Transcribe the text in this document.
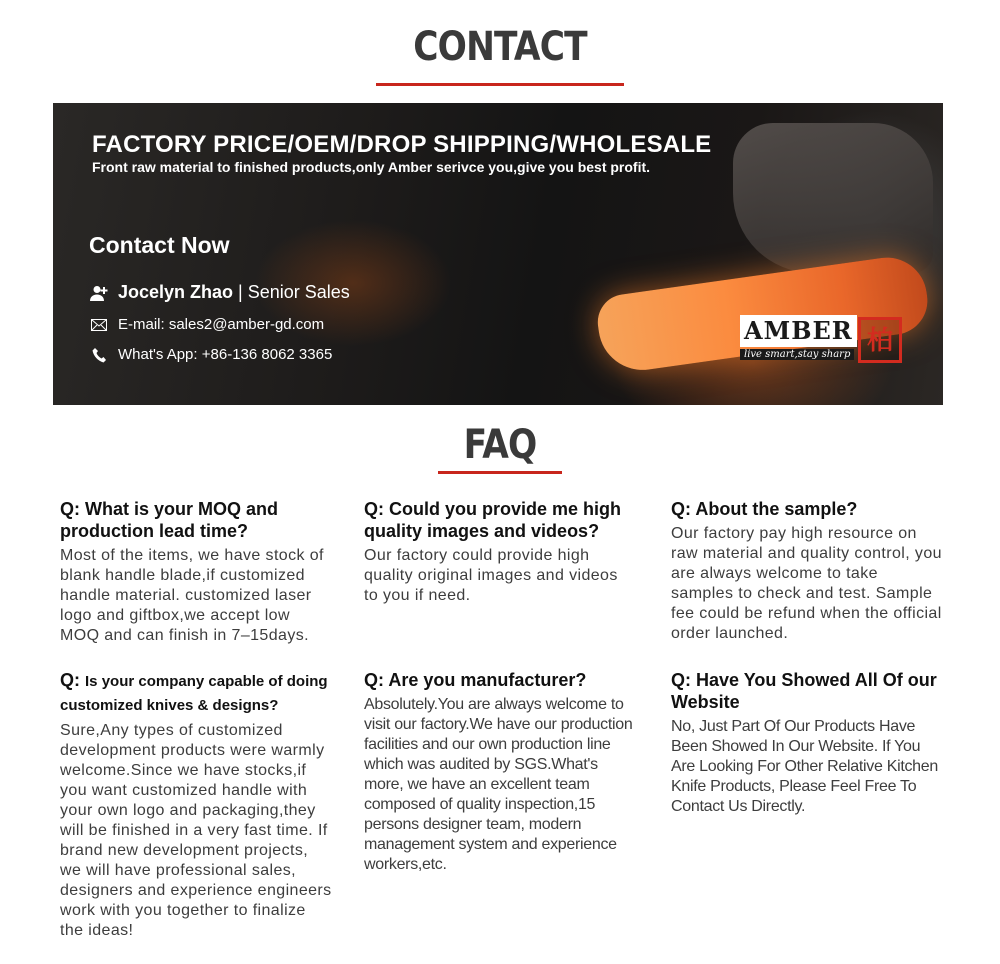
CONTACT
FACTORY PRICE/OEM/DROP SHIPPING/WHOLESALE
Front raw material to finished products,only Amber serivce you,give you best profit.
Contact Now
Jocelyn Zhao | Senior Sales
E-mail:
sales2@amber-gd.com
What's App:
+86-136 8062 3365
AMBER
live smart,stay sharp 柏
FAQ

Q: What is your MOQ and production lead time?

Most of the items, we have stock of blank handle blade,if customized handle material. customized laser logo and giftbox,we accept low MOQ and can finish in 7–15days.

Q: Could you provide me high quality images and videos?

Our factory could provide high quality original images and videos to you if need.

Q: About the sample?

Our factory pay high resource on raw material and quality control, you are always welcome to take samples to check and test. Sample fee could be refund when the official order launched.

Q: Is your company capable of doing customized knives & designs?

Sure,Any types of customized development products were warmly welcome.Since we have stocks,if you want customized handle with your own logo and packaging,they will be finished in a very fast time. If brand new development projects, we will have professional sales, designers and experience engineers work with you together to finalize the ideas!

Q: Are you manufacturer?

Absolutely.You are always welcome to visit our factory.We have our production facilities and our own production line which was audited by SGS.What's more, we have an excellent team composed of quality inspection,15 persons designer team, modern management system and experience workers,etc.

Q: Have You Showed All Of our Website

No, Just Part Of Our Products Have Been Showed In Our Website. If You Are Looking For Other Relative Kitchen Knife Products, Please Feel Free To Contact Us Directly.
